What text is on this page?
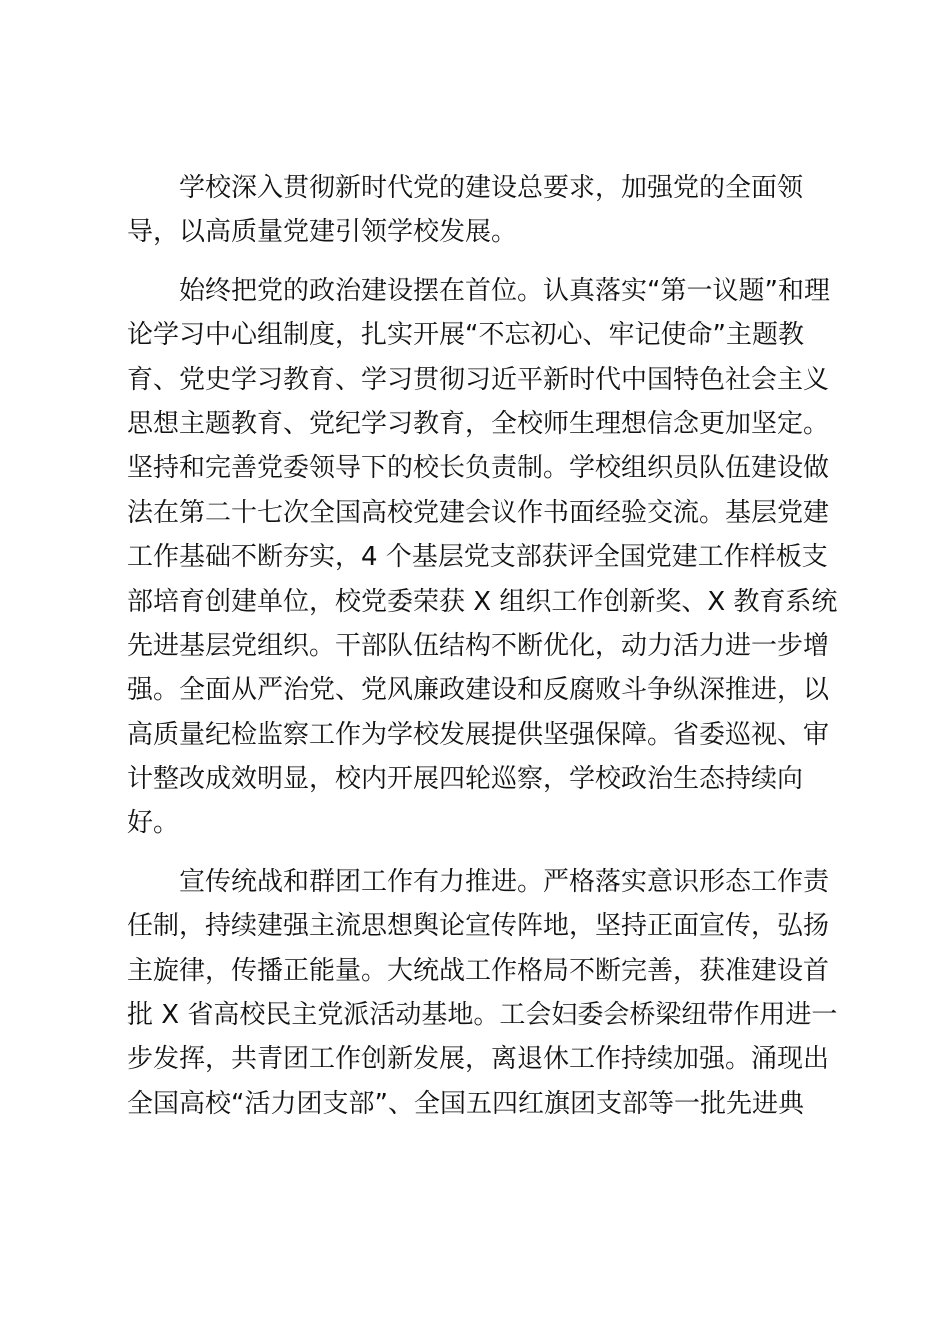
学校深入贯彻新时代党的建设总要求，加强党的全面领
导，以高质量党建引领学校发展。
始终把党的政治建设摆在首位。认真落实“第一议题”和理
论学习中心组制度，扎实开展“不忘初心、牢记使命”主题教
育、党史学习教育、学习贯彻习近平新时代中国特色社会主义
思想主题教育、党纪学习教育，全校师生理想信念更加坚定。
坚持和完善党委领导下的校长负责制。学校组织员队伍建设做
法在第二十七次全国高校党建会议作书面经验交流。基层党建
工作基础不断夯实，4 个基层党支部获评全国党建工作样板支
部培育创建单位，校党委荣获 X 组织工作创新奖、X 教育系统
先进基层党组织。干部队伍结构不断优化，动力活力进一步增
强。全面从严治党、党风廉政建设和反腐败斗争纵深推进，以
高质量纪检监察工作为学校发展提供坚强保障。省委巡视、审
计整改成效明显，校内开展四轮巡察，学校政治生态持续向
好。
宣传统战和群团工作有力推进。严格落实意识形态工作责
任制，持续建强主流思想舆论宣传阵地，坚持正面宣传，弘扬
主旋律，传播正能量。大统战工作格局不断完善，获准建设首
批 X 省高校民主党派活动基地。工会妇委会桥梁纽带作用进一
步发挥，共青团工作创新发展，离退休工作持续加强。涌现出
全国高校“活力团支部”、全国五四红旗团支部等一批先进典
